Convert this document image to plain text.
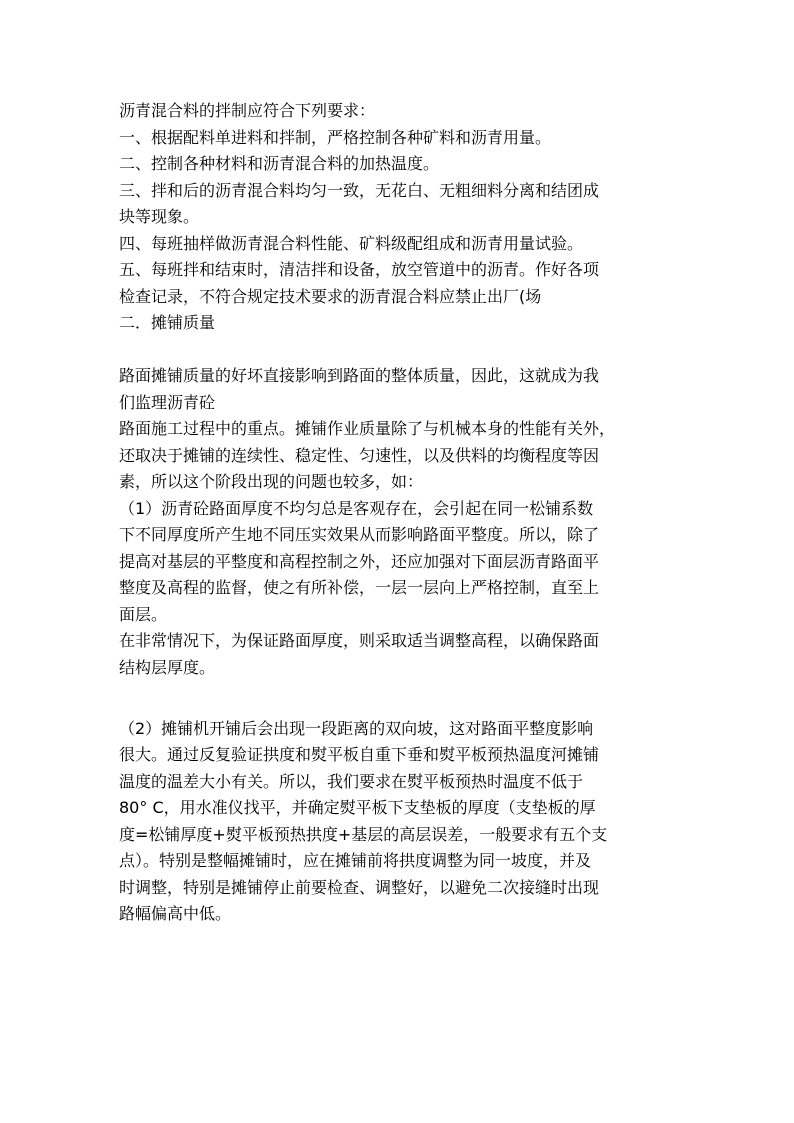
沥青混合料的拌制应符合下列要求：
一、根据配料单进料和拌制，严格控制各种矿料和沥青用量。
二、控制各种材料和沥青混合料的加热温度。
三、拌和后的沥青混合料均匀一致，无花白、无粗细料分离和结团成
块等现象。
四、每班抽样做沥青混合料性能、矿料级配组成和沥青用量试验。
五、每班拌和结束时，清洁拌和设备，放空管道中的沥青。作好各项
检查记录，不符合规定技术要求的沥青混合料应禁止出厂(场
二．摊铺质量
路面摊铺质量的好坏直接影响到路面的整体质量，因此，这就成为我
们监理沥青砼
路面施工过程中的重点。摊铺作业质量除了与机械本身的性能有关外，
还取决于摊铺的连续性、稳定性、匀速性，以及供料的均衡程度等因
素，所以这个阶段出现的问题也较多，如：
（1）沥青砼路面厚度不均匀总是客观存在，会引起在同一松铺系数
下不同厚度所产生地不同压实效果从而影响路面平整度。所以，除了
提高对基层的平整度和高程控制之外，还应加强对下面层沥青路面平
整度及高程的监督，使之有所补偿，一层一层向上严格控制，直至上
面层。
在非常情况下，为保证路面厚度，则采取适当调整高程，以确保路面
结构层厚度。
（2）摊铺机开铺后会出现一段距离的双向坡，这对路面平整度影响
很大。通过反复验证拱度和熨平板自重下垂和熨平板预热温度河摊铺
温度的温差大小有关。所以，我们要求在熨平板预热时温度不低于
80° C，用水准仪找平，并确定熨平板下支垫板的厚度（支垫板的厚
度=松铺厚度+熨平板预热拱度+基层的高层误差，一般要求有五个支
点）。特别是整幅摊铺时，应在摊铺前将拱度调整为同一坡度，并及
时调整，特别是摊铺停止前要检查、调整好，以避免二次接缝时出现
路幅偏高中低。
